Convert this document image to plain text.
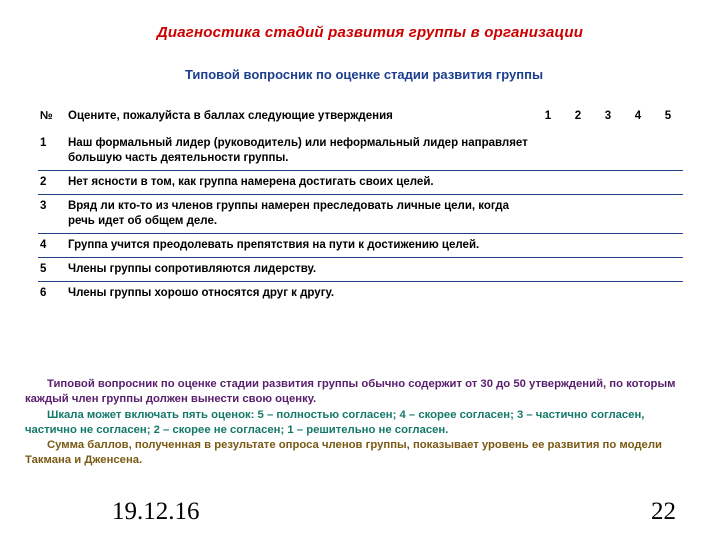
Диагностика стадий развития группы в организации
Типовой вопросник по оценке стадии развития группы
№	Оцените, пожалуйста в баллах следующие утверждения	1	2	3	4	5
1	Наш формальный лидер (руководитель) или неформальный лидер направляет большую часть деятельности группы.					
2	Нет ясности в том, как группа намерена достигать своих целей.					
3	Вряд ли кто-то из членов группы намерен преследовать личные цели, когда речь идет об общем деле.					
4	Группа учится преодолевать препятствия на пути к достижению целей.					
5	Члены группы сопротивляются лидерству.					
6	Члены группы хорошо относятся друг к другу.					

Типовой вопросник по оценке стадии развития группы обычно содержит от 30 до 50 утверждений, по которым каждый член группы должен вынести свою оценку.

Шкала может включать пять оценок: 5 – полностью согласен; 4 – скорее согласен; 3 – частично согласен, частично не согласен; 2 – скорее не согласен; 1 – решительно не согласен.

Сумма баллов, полученная в результате опроса членов группы, показывает уровень ее развития по модели Такмана и Дженсена.

19.12.16	22
